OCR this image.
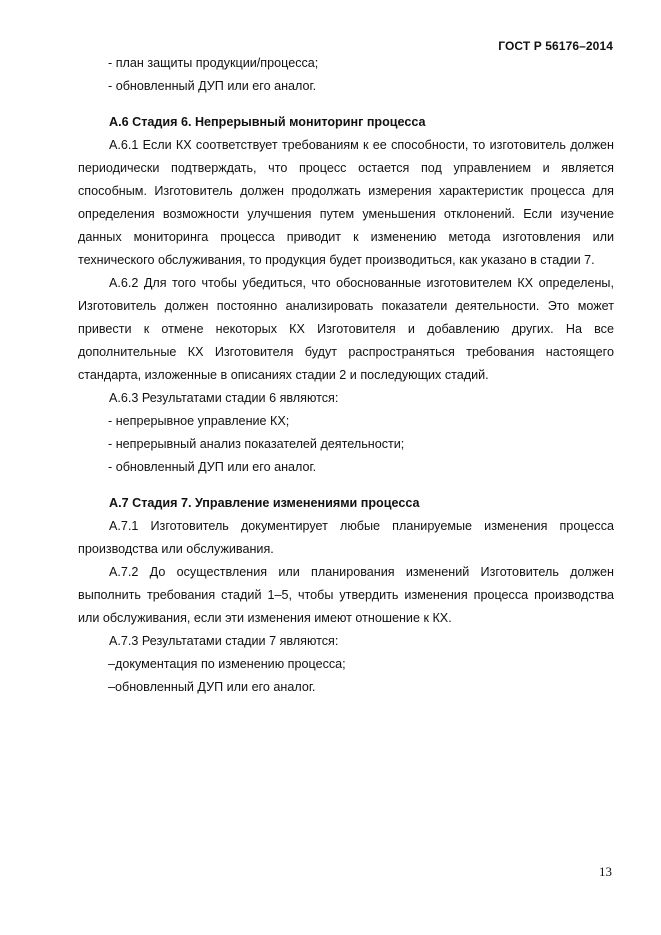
ГОСТ Р 56176–2014
- план защиты продукции/процесса;
- обновленный ДУП или его аналог.
А.6 Стадия 6. Непрерывный мониторинг процесса

А.6.1 Если КХ соответствует требованиям к ее способности, то изготовитель должен периодически подтверждать, что процесс остается под управлением и является способным. Изготовитель должен продолжать измерения характеристик процесса для определения возможности улучшения путем уменьшения отклонений. Если изучение данных мониторинга процесса приводит к изменению метода изготовления или технического обслуживания, то продукция будет производиться, как указано в стадии 7.

А.6.2 Для того чтобы убедиться, что обоснованные изготовителем КХ определены, Изготовитель должен постоянно анализировать показатели деятельности. Это может привести к отмене некоторых КХ Изготовителя и добавлению других. На все дополнительные КХ Изготовителя будут распространяться требования настоящего стандарта, изложенные в описаниях стадии 2 и последующих стадий.

А.6.3 Результатами стадии 6 являются:

- непрерывное управление КХ;
- непрерывный анализ показателей деятельности;
- обновленный ДУП или его аналог.
А.7 Стадия 7. Управление изменениями процесса

А.7.1 Изготовитель документирует любые планируемые изменения процесса производства или обслуживания.

А.7.2 До осуществления или планирования изменений Изготовитель должен выполнить требования стадий 1–5, чтобы утвердить изменения процесса производства или обслуживания, если эти изменения имеют отношение к КХ.

А.7.3 Результатами стадии 7 являются:

–документация по изменению процесса;
–обновленный ДУП или его аналог.
13
